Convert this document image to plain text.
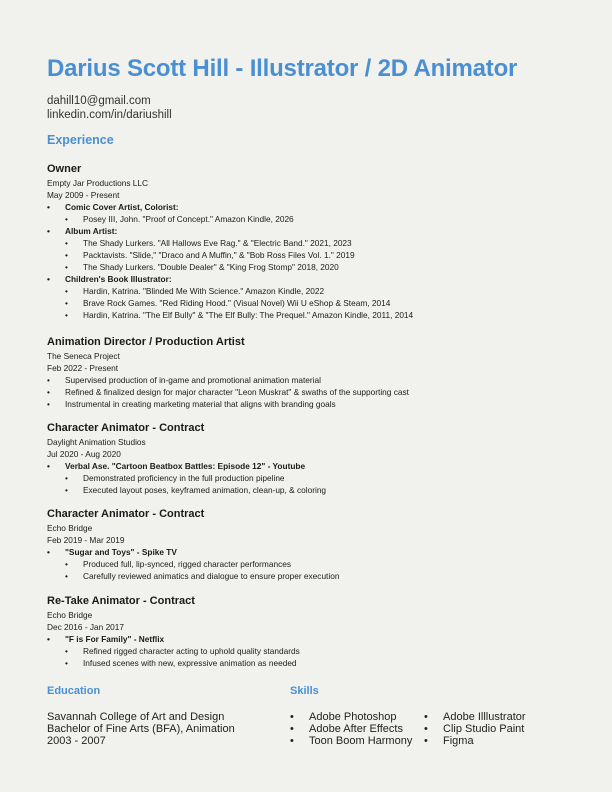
Darius Scott Hill - Illustrator / 2D Animator
dahill10@gmail.com
linkedin.com/in/dariushill
Experience
Owner
Empty Jar Productions LLC
May 2009 - Present
• Comic Cover Artist, Colorist:
• Posey III, John. "Proof of Concept." Amazon Kindle, 2026
• Album Artist:
• The Shady Lurkers. "All Hallows Eve Rag." & "Electric Band." 2021, 2023
• Packtavists. "Slide," "Draco and A Muffin," & "Bob Ross Files Vol. 1." 2019
• The Shady Lurkers. "Double Dealer" & "King Frog Stomp" 2018, 2020
• Children's Book Illustrator:
• Hardin, Katrina. "Blinded Me With Science." Amazon Kindle, 2022
• Brave Rock Games. "Red Riding Hood." (Visual Novel) Wii U eShop & Steam, 2014
• Hardin, Katrina. "The Elf Bully" & "The Elf Bully: The Prequel." Amazon Kindle, 2011, 2014
Animation Director / Production Artist
The Seneca Project
Feb 2022 - Present
• Supervised production of in-game and promotional animation material
• Refined & finalized design for major character "Leon Muskrat" & swaths of the supporting cast
• Instrumental in creating marketing material that aligns with branding goals
Character Animator - Contract
Daylight Animation Studios
Jul 2020 - Aug 2020
• Verbal Ase. "Cartoon Beatbox Battles: Episode 12" - Youtube
• Demonstrated proficiency in the full production pipeline
• Executed layout poses, keyframed animation, clean-up, & coloring
Character Animator - Contract
Echo Bridge
Feb 2019 - Mar 2019
• "Sugar and Toys" - Spike TV
• Produced full, lip-synced, rigged character performances
• Carefully reviewed animatics and dialogue to ensure proper execution
Re-Take Animator - Contract
Echo Bridge
Dec 2016 - Jan 2017
• "F is For Family" - Netflix
• Refined rigged character acting to uphold quality standards
• Infused scenes with new, expressive animation as needed
Education
Savannah College of Art and Design
Bachelor of Fine Arts (BFA), Animation
2003 - 2007
Skills
• Adobe Photoshop
• Adobe After Effects
• Toon Boom Harmony
• Adobe Illlustrator
• Clip Studio Paint
• Figma
